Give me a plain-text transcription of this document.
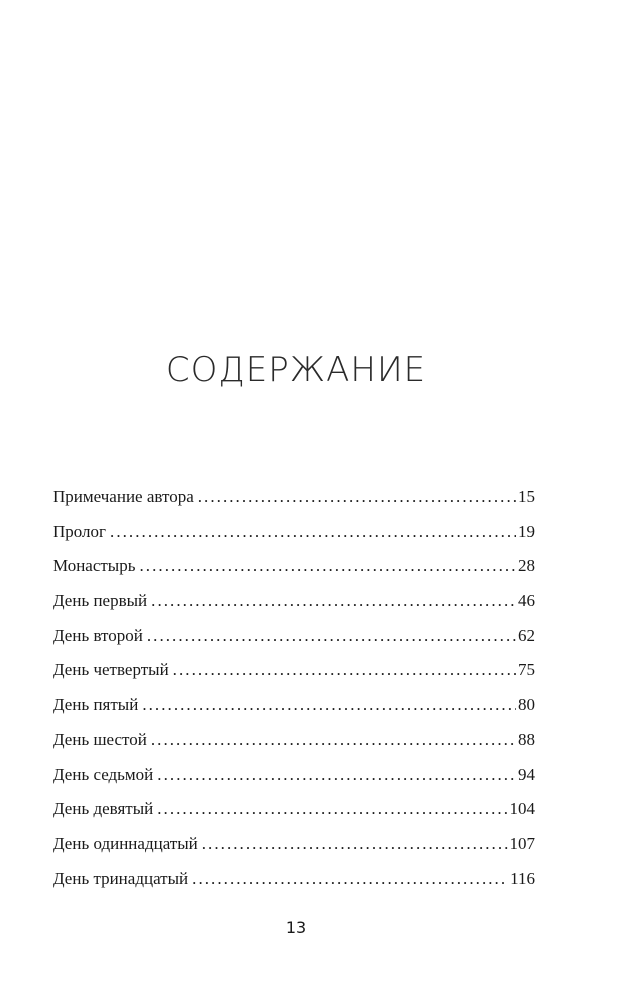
СОДЕРЖАНИЕ
Примечание автора . . .	15
Пролог . . .	19
Монастырь . . .	28
День первый . . .	46
День второй . . .	62
День четвертый . . .	75
День пятый . . .	80
День шестой . . .	88
День седьмой . . .	94
День девятый . . .	104
День одиннадцатый . . .	107
День тринадцатый . . .	116
13
